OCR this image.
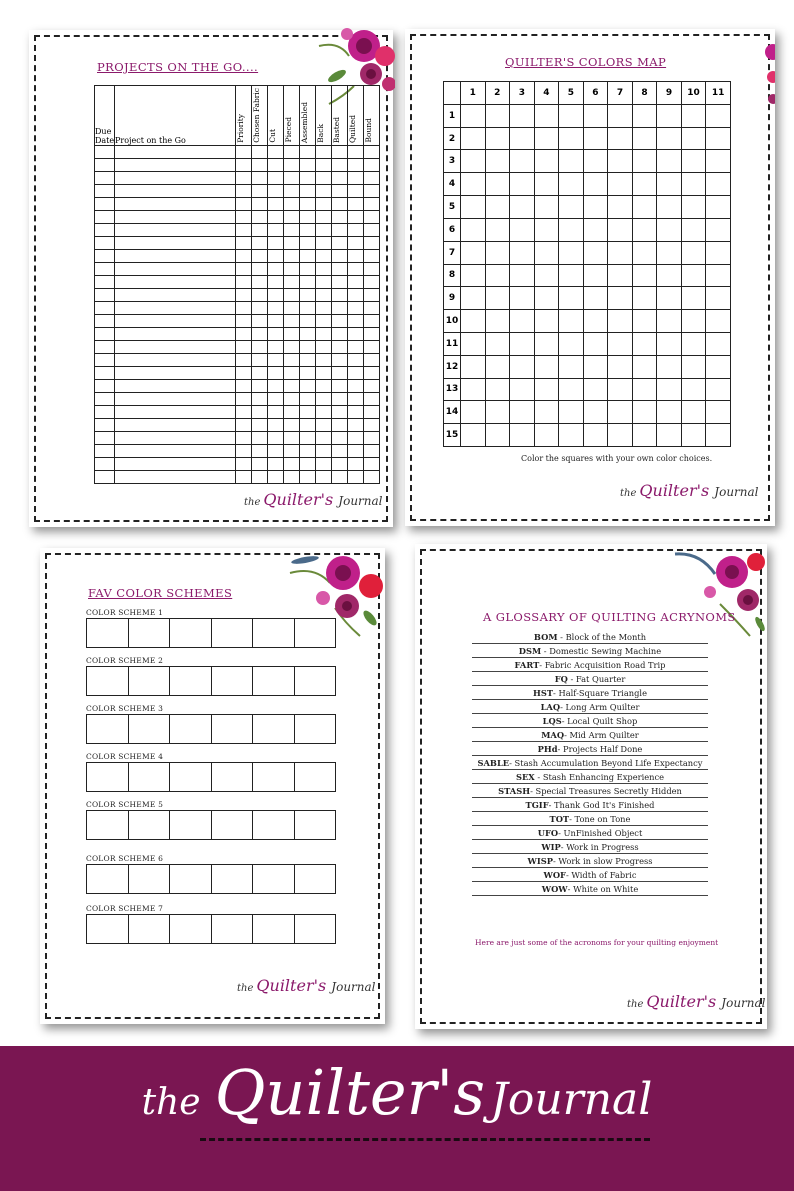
PROJECTS ON THE GO....
Due Date	Project on the Go	Priority	Chosen Fabric	Cut	Pieced	Assembled	Back	Basted	Quilted	Bound

the Quilter's Journal
QUILTER'S COLORS MAP
	1	2	3	4	5	6	7	8	9	10	11
1											
2											
3											
4											
5											
6											
7											
8											
9											
10											
11											
12											
13											
14											
15											
Color the squares with your own color choices.
the Quilter's Journal
FAV COLOR SCHEMES
COLOR SCHEME 1
COLOR SCHEME 2
COLOR SCHEME 3
COLOR SCHEME 4
COLOR SCHEME 5
COLOR SCHEME 6
COLOR SCHEME 7
the Quilter's Journal
A GLOSSARY OF QUILTING ACRYNOMS
BOM - Block of the Month
DSM - Domestic Sewing Machine
FART- Fabric Acquisition Road Trip
FQ - Fat Quarter
HST- Half-Square Triangle
LAQ- Long Arm Quilter
LQS- Local Quilt Shop
MAQ- Mid Arm Quilter
PHd- Projects Half Done
SABLE- Stash Accumulation Beyond Life Expectancy
SEX - Stash Enhancing Experience
STASH- Special Treasures Secretly Hidden
TGIF- Thank God It's Finished
TOT- Tone on Tone
UFO- UnFinished Object
WIP- Work in Progress
WISP- Work in slow Progress
WOF- Width of Fabric
WOW- White on White
Here are just some of the acronoms for your quilting enjoyment
the Quilter's Journal
the Quilter's Journal
